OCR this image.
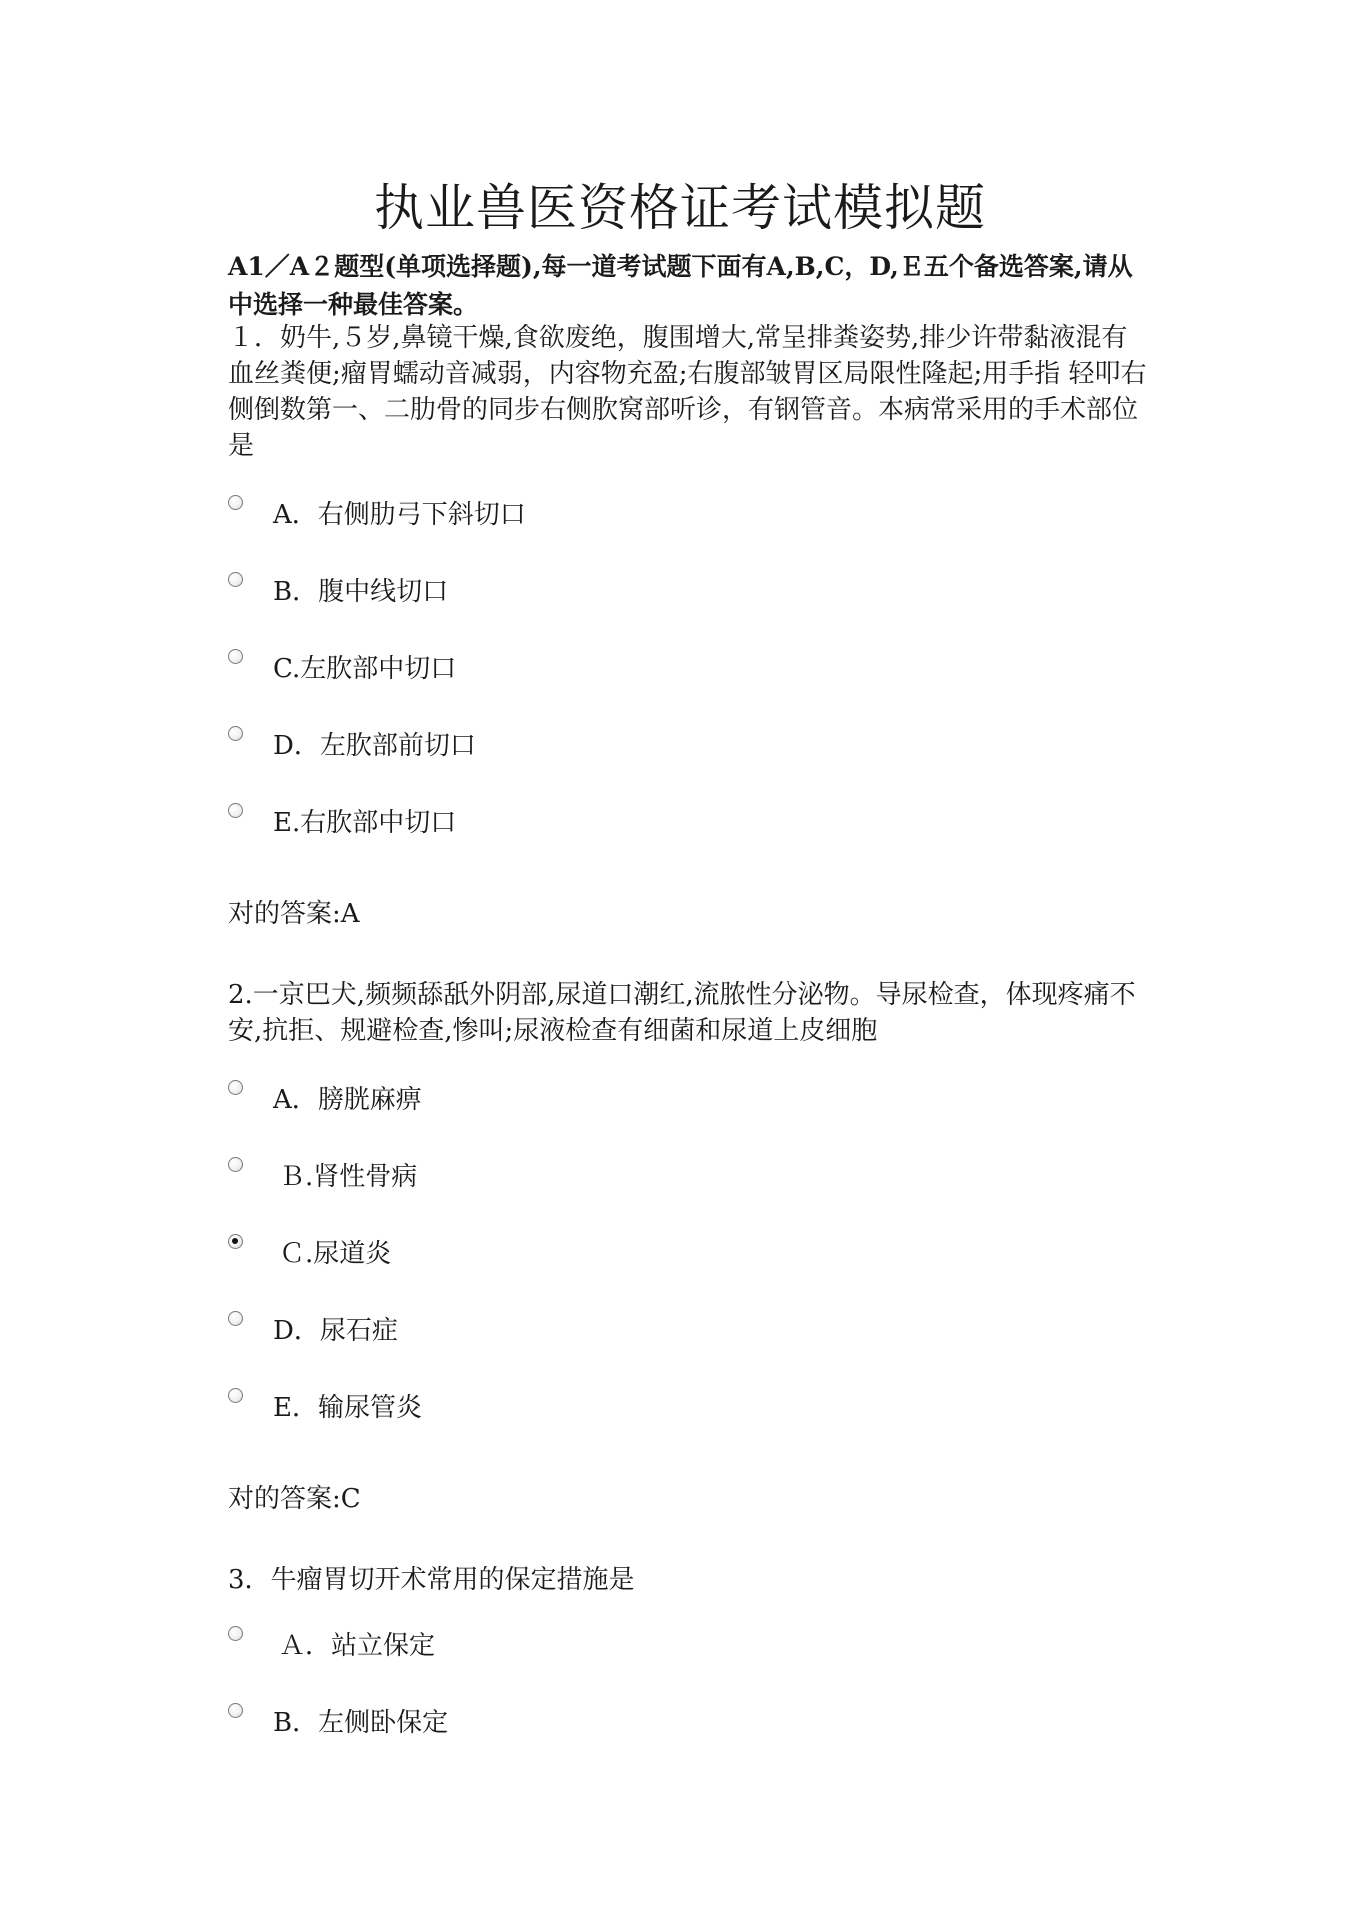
执业兽医资格证考试模拟题

A1／A２题型(单项选择题),每一道考试题下面有A,B,C，D,Ｅ五个备选答案,请从中选择一种最佳答案。

１．奶牛,５岁,鼻镜干燥,食欲废绝，腹围增大,常呈排粪姿势,排少许带黏液混有血丝粪便;瘤胃蠕动音减弱，内容物充盈;右腹部皱胃区局限性隆起;用手指 轻叩右侧倒数第一、二肋骨的同步右侧肷窝部听诊，有钢管音。本病常采用的手术部位是

A．右侧肋弓下斜切口
B．腹中线切口
C.左肷部中切口
D．左肷部前切口
E.右肷部中切口

对的答案:A

2.一京巴犬,频频舔舐外阴部,尿道口潮红,流脓性分泌物。导尿检查，体现疼痛不安,抗拒、规避检查,惨叫;尿液检查有细菌和尿道上皮细胞

A．膀胱麻痹
Ｂ.肾性骨病
Ｃ.尿道炎
D．尿石症
E．输尿管炎

对的答案:C

3．牛瘤胃切开术常用的保定措施是

Ａ．站立保定
B．左侧卧保定
